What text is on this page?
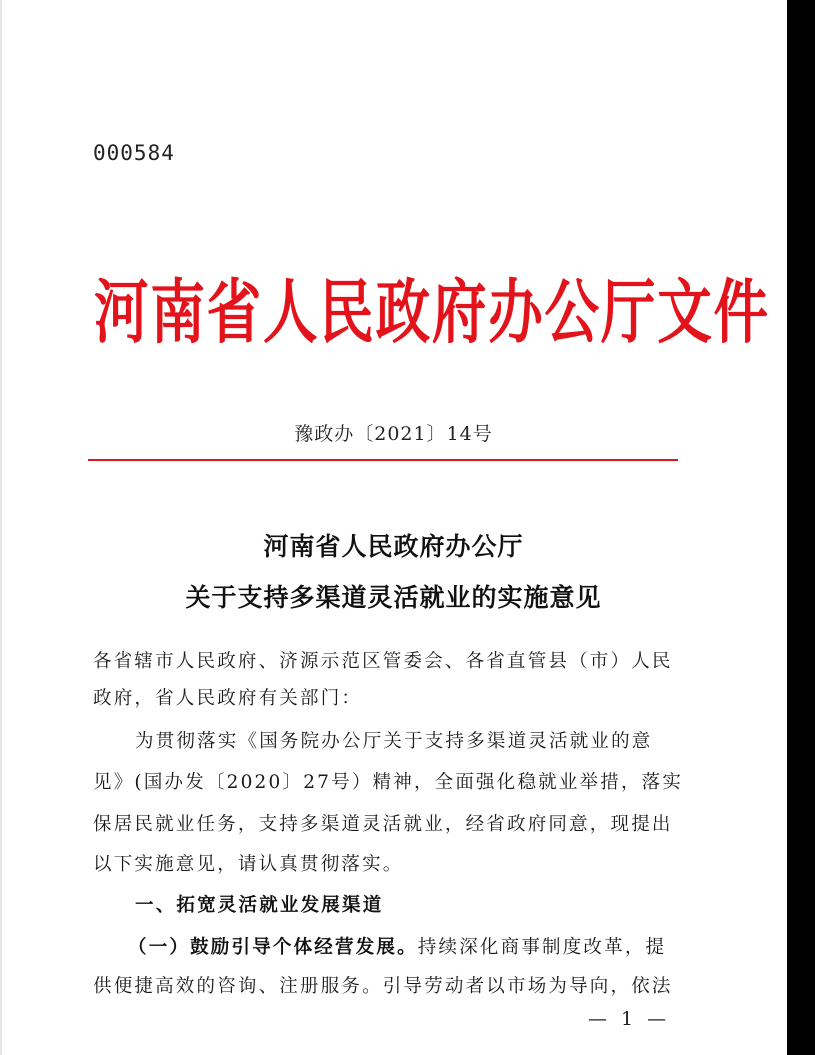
000584
河南省人民政府办公厅文件
豫政办〔2021〕14号
河南省人民政府办公厅
关于支持多渠道灵活就业的实施意见
各省辖市人民政府、济源示范区管委会、各省直管县（市）人民
政府，省人民政府有关部门：
为贯彻落实《国务院办公厅关于支持多渠道灵活就业的意
见》(国办发〔2020〕27号）精神，全面强化稳就业举措，落实
保居民就业任务，支持多渠道灵活就业，经省政府同意，现提出
以下实施意见，请认真贯彻落实。
一、拓宽灵活就业发展渠道
（一）鼓励引导个体经营发展。持续深化商事制度改革，提
供便捷高效的咨询、注册服务。引导劳动者以市场为导向，依法
— 1 —
